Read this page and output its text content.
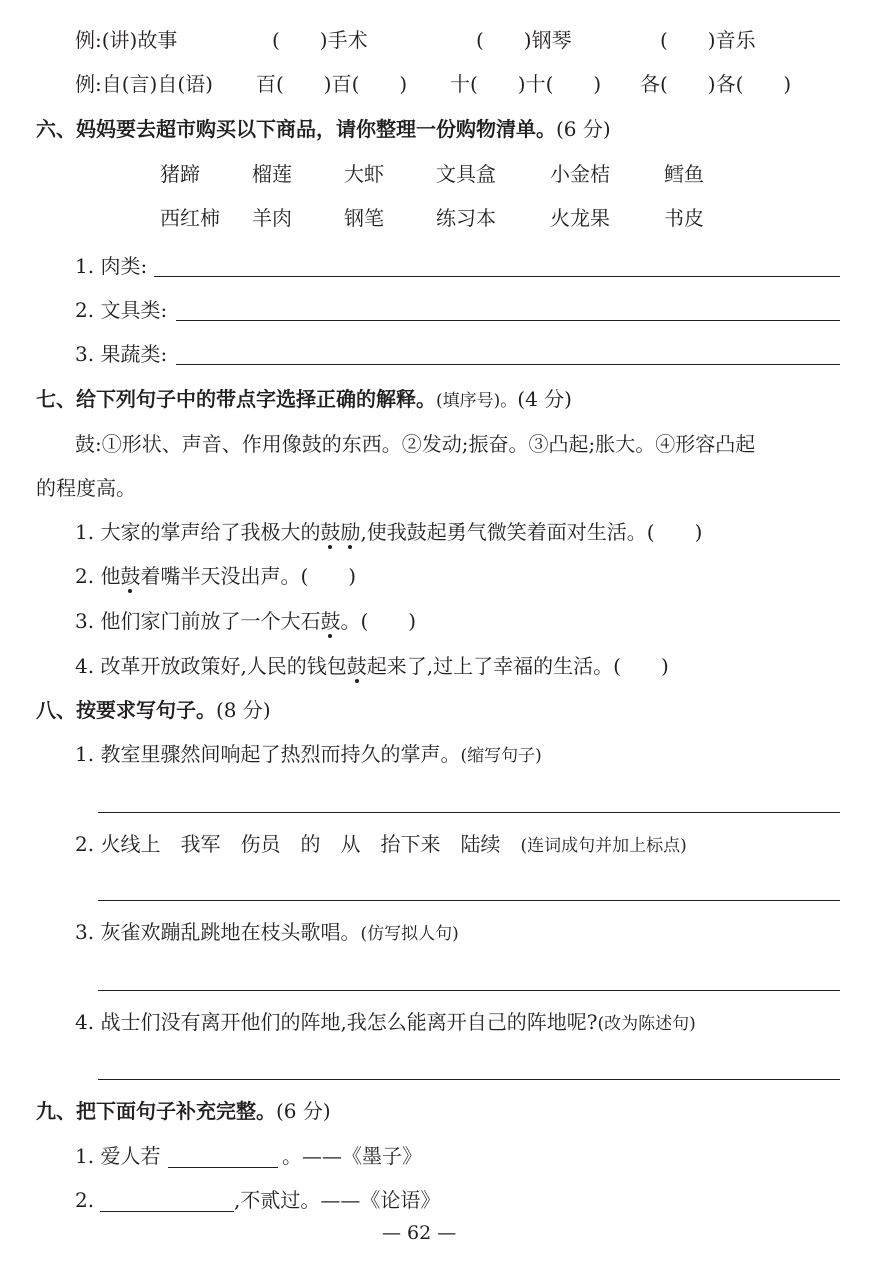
例:(讲)故事	(　　)手术	(　　)钢琴	(　　)音乐
例:自(言)自(语) 百(　　)百(　　) 十(　　)十(　　) 各(　　)各(　　)
六、妈妈要去超市购买以下商品，请你整理一份购物清单。(6 分)
猪蹄	榴莲	大虾	文具盒	小金桔	鳕鱼
西红柿 羊肉	钢笔	练习本	火龙果	书皮
1. 肉类:
2. 文具类:
3. 果蔬类:
七、给下列句子中的带点字选择正确的解释。(填序号)。(4 分)
鼓:①形状、声音、作用像鼓的东西。②发动;振奋。③凸起;胀大。④形容凸起
的程度高。
1. 大家的掌声给了我极大的鼓励,使我鼓起勇气微笑着面对生活。(　　)
2. 他鼓着嘴半天没出声。(　　)
3. 他们家门前放了一个大石鼓。(　　)
4. 改革开放政策好,人民的钱包鼓起来了,过上了幸福的生活。(　　)
八、按要求写句子。(8 分)
1. 教室里骤然间响起了热烈而持久的掌声。(缩写句子)
2. 火线上　我军　伤员　的　从　抬下来　陆续　 (连词成句并加上标点)
3. 灰雀欢蹦乱跳地在枝头歌唱。(仿写拟人句)
4. 战士们没有离开他们的阵地,我怎么能离开自己的阵地呢?(改为陈述句)
九、把下面句子补充完整。(6 分)
1. 爱人若	。——《墨子》
2.	,不贰过。——《论语》
— 62 —
